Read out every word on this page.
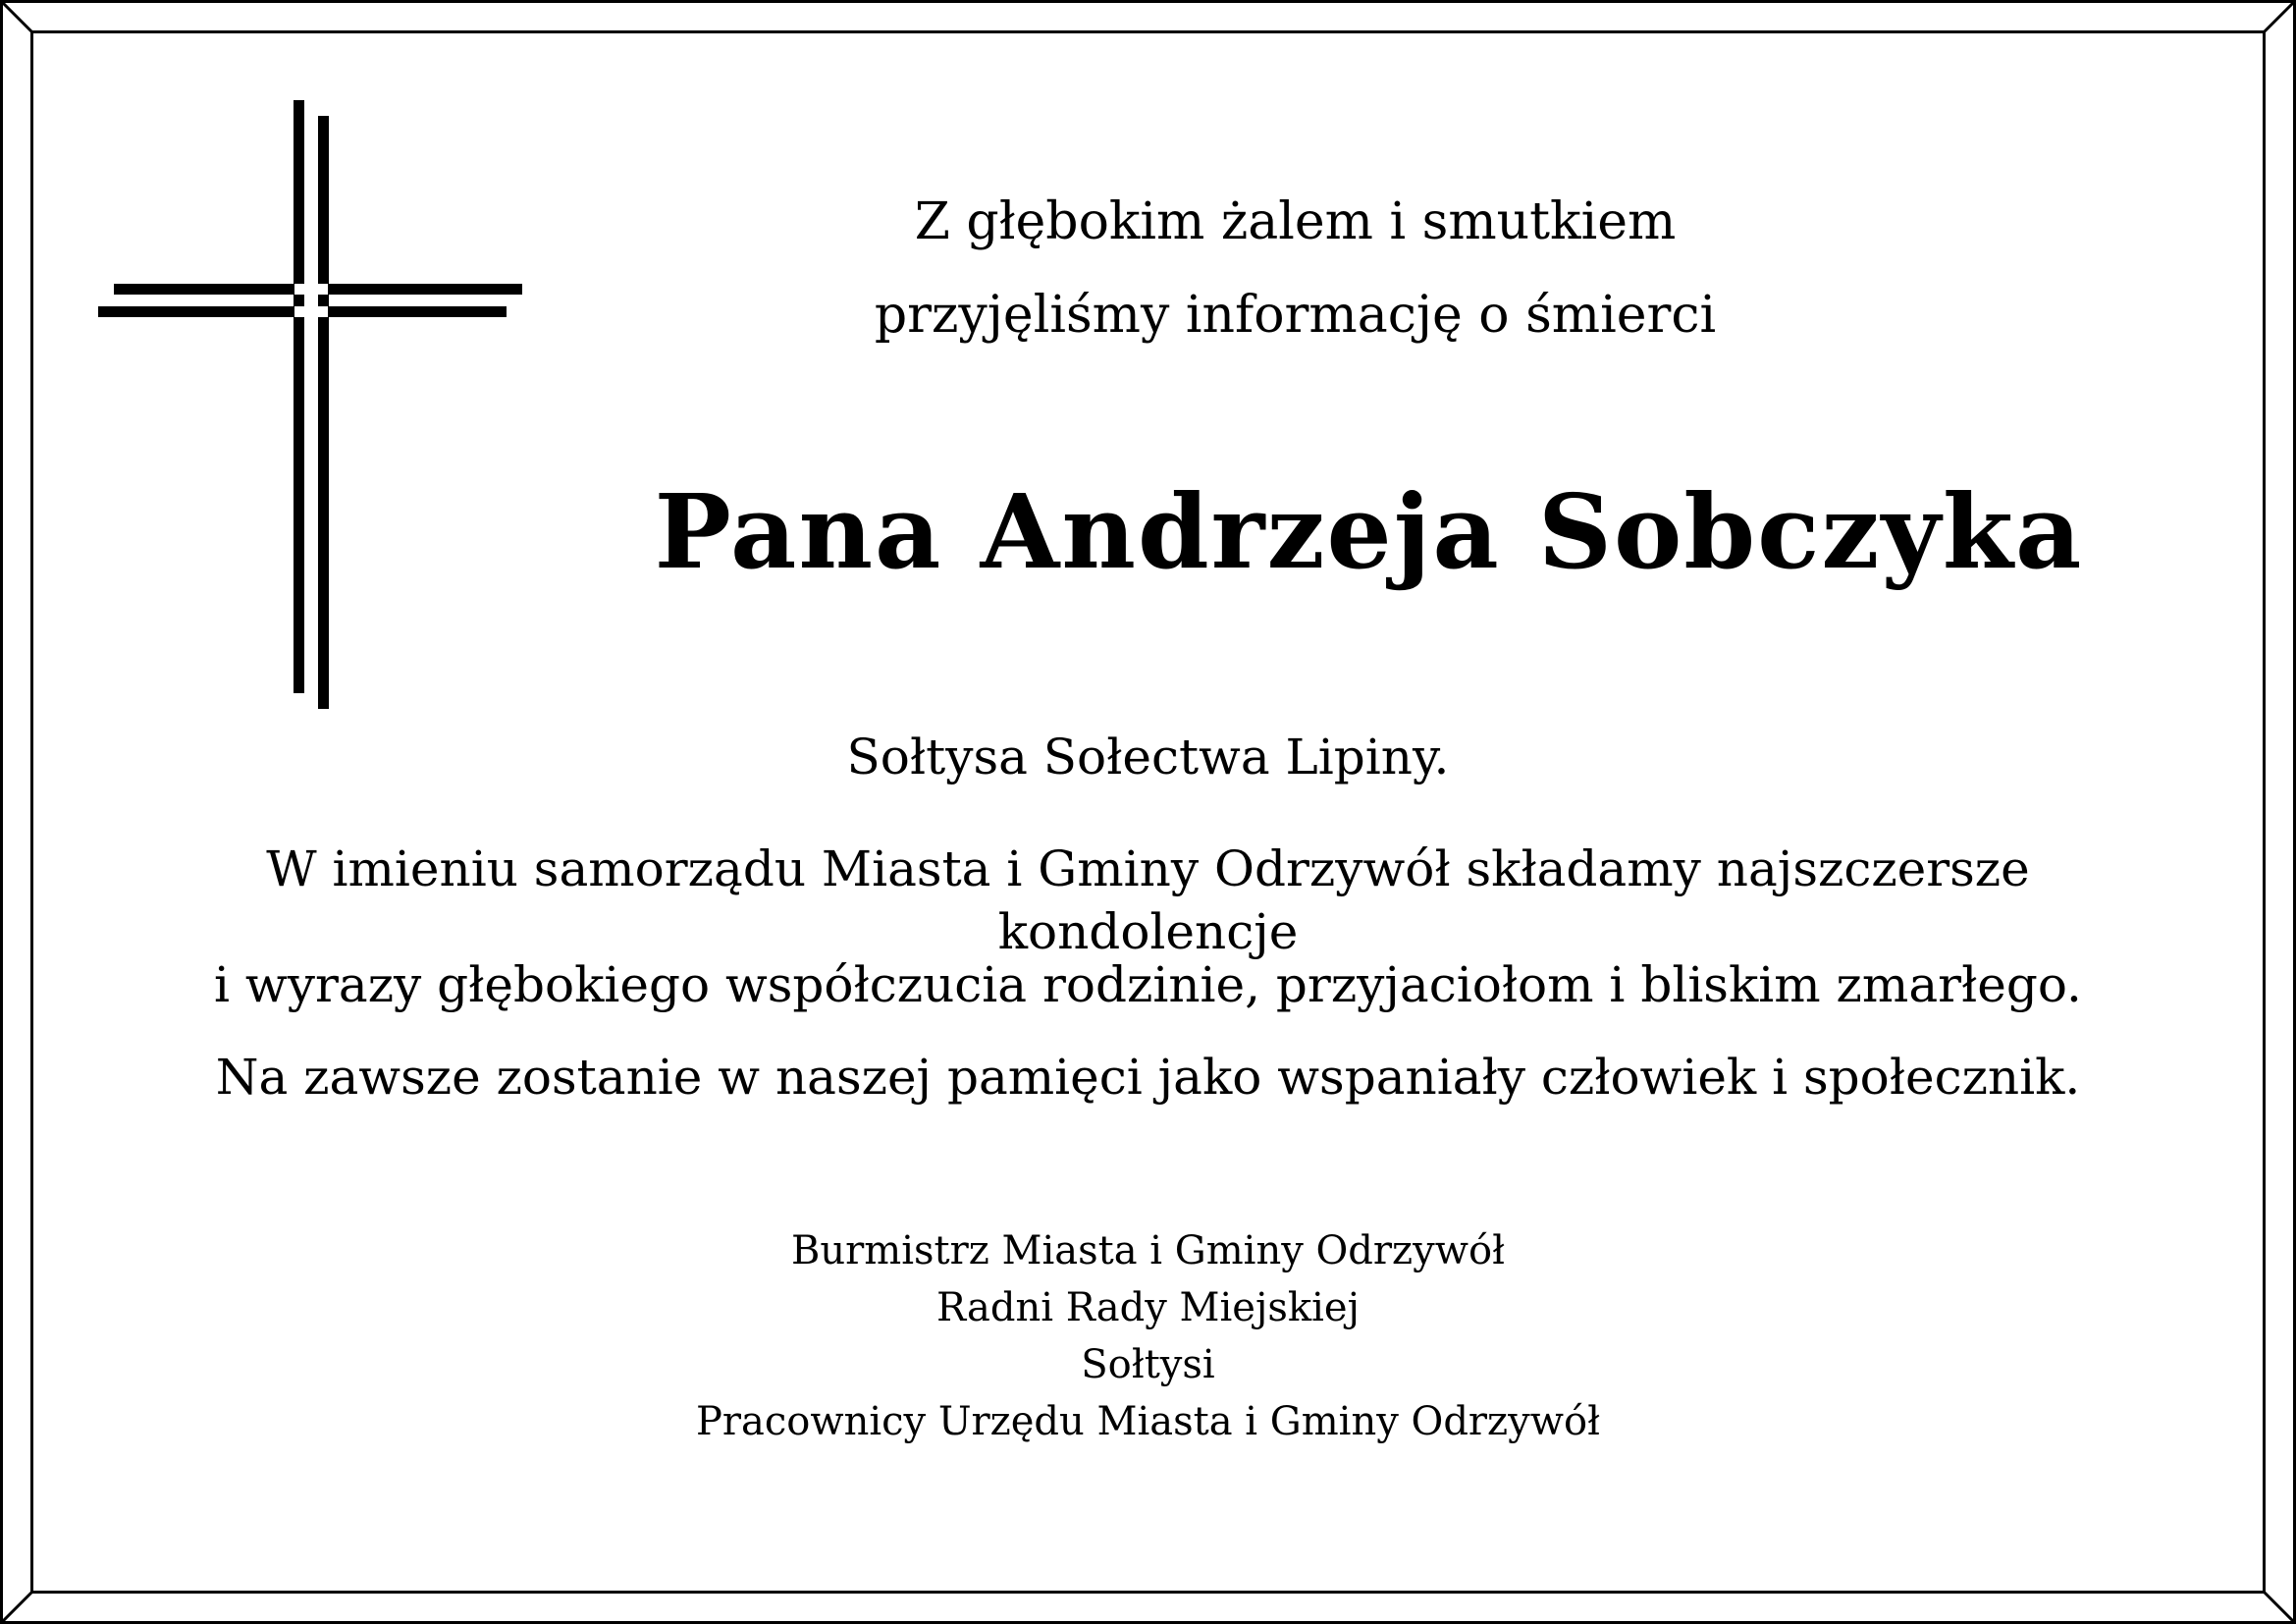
Z głębokim żalem i smutkiem
przyjęliśmy informację o śmierci
Pana Andrzeja Sobczyka
Sołtysa Sołectwa Lipiny.
W imieniu samorządu Miasta i Gminy Odrzywół składamy najszczersze
kondolencje
i wyrazy głębokiego współczucia rodzinie, przyjaciołom i bliskim zmarłego.
Na zawsze zostanie w naszej pamięci jako wspaniały człowiek i społecznik.
Burmistrz Miasta i Gminy Odrzywół
Radni Rady Miejskiej
Sołtysi
Pracownicy Urzędu Miasta i Gminy Odrzywół
